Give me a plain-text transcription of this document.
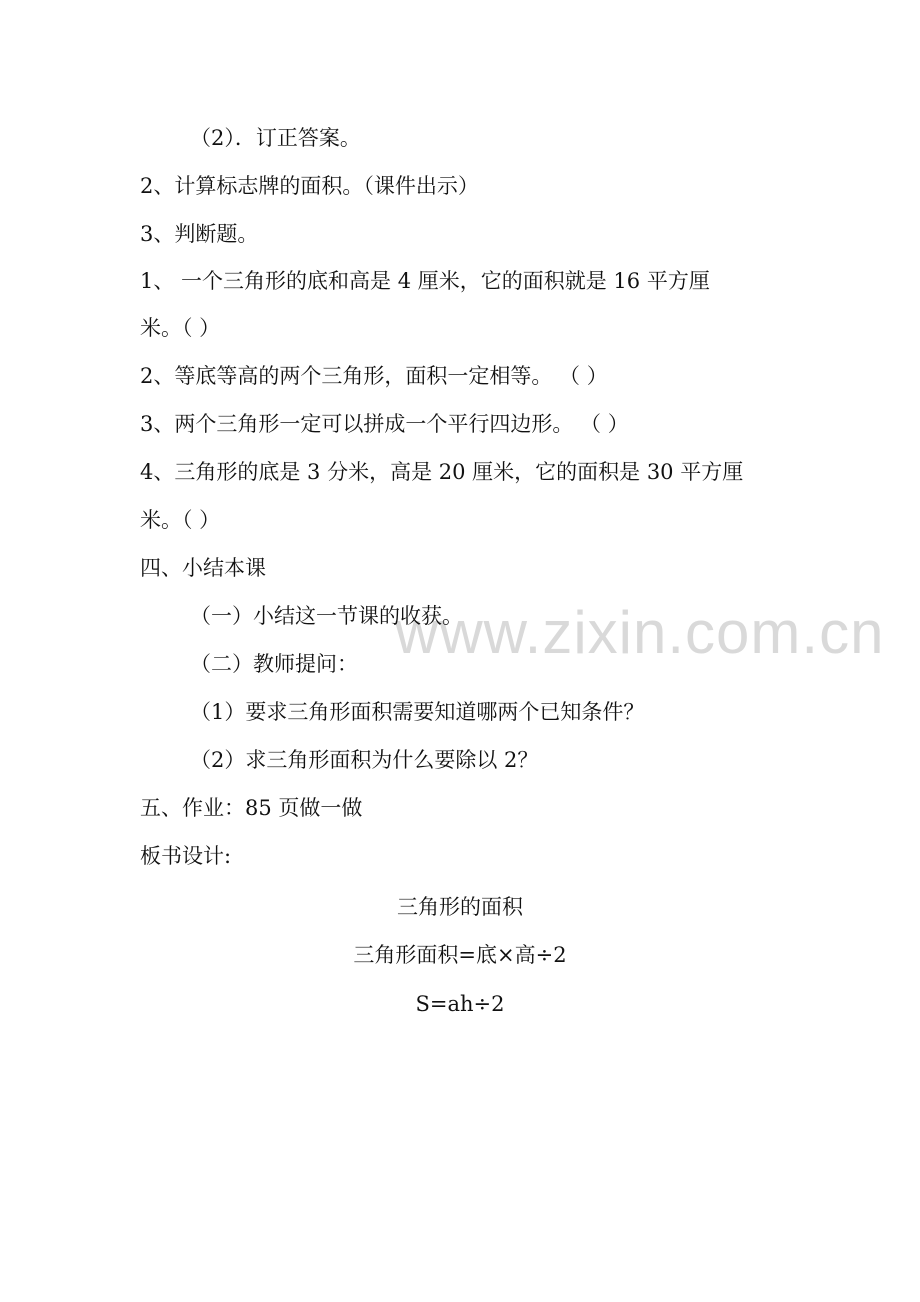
www.zixin.com.cn
（2）．订正答案。
2、计算标志牌的面积。（课件出示）
3、判断题。
1、 一个三角形的底和高是 4 厘米，它的面积就是 16 平方厘
米。（ ）
2、等底等高的两个三角形，面积一定相等。 （ ）
3、两个三角形一定可以拼成一个平行四边形。 （ ）
4、三角形的底是 3 分米，高是 20 厘米，它的面积是 30 平方厘
米。（ ）
四、小结本课
（一）小结这一节课的收获。
（二）教师提问：
（1）要求三角形面积需要知道哪两个已知条件？
（2）求三角形面积为什么要除以 2？
五、作业：85 页做一做
板书设计:
三角形的面积
三角形面积=底×高÷2
S=ah÷2
